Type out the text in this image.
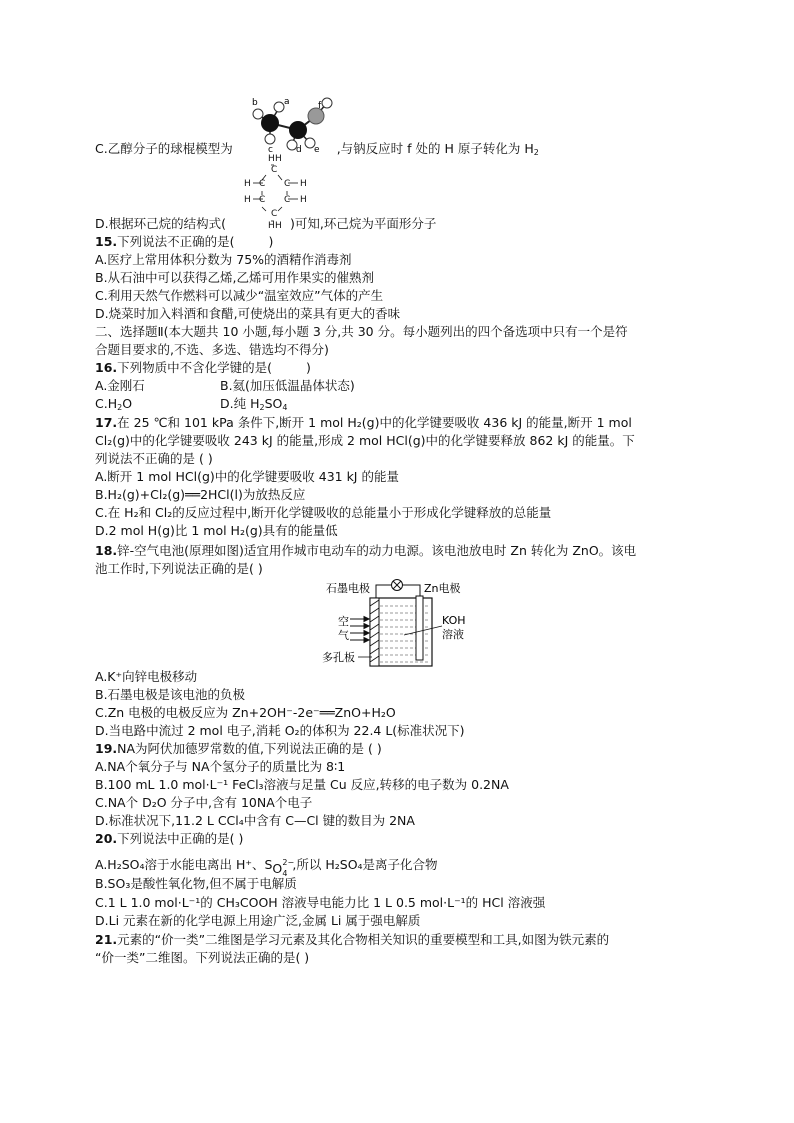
C.乙醇分子的球棍模型为	,与钠反应时 f 处的 H 原子转化为 $H_2$
a
b
c	d e
f
D.根据环己烷的结构式(	)可知,环己烷为平面形分子
H H
C
H C C H
H C C H
C
H H
15.下列说法不正确的是(	)
A.医疗上常用体积分数为 75%的酒精作消毒剂
B.从石油中可以获得乙烯,乙烯可用作果实的催熟剂
C.利用天然气作燃料可以减少“温室效应”气体的产生
D.烧菜时加入料酒和食醋,可使烧出的菜具有更大的香味
二、选择题Ⅱ(本大题共 10 小题,每小题 3 分,共 30 分。每小题列出的四个备选项中只有一个是符
合题目要求的,不选、多选、错选均不得分)
16.下列物质中不含化学键的是(	)
A.金刚石	B.氦(加压低温晶体状态)
$C.H_2O$	D.纯 $H_2SO_4$
17.在 25 ℃和 101 kPa 条件下,断开 1 mol H₂(g)中的化学键要吸收 436 kJ 的能量,断开 1 mol
Cl₂(g)中的化学键要吸收 243 kJ 的能量,形成 2 mol HCl(g)中的化学键要释放 862 kJ 的能量。下
列说法不正确的是 ( )
A.断开 1 mol HCl(g)中的化学键要吸收 431 kJ 的能量
B.H₂(g)+Cl₂(g)══2HCl(l)为放热反应
C.在 H₂和 Cl₂的反应过程中,断开化学键吸收的总能量小于形成化学键释放的总能量
D.2 mol H(g)比 1 mol H₂(g)具有的能量低
18.锌-空气电池(原理如图)适宜用作城市电动车的动力电源。该电池放电时 Zn 转化为 ZnO。该电
池工作时,下列说法正确的是( )
石墨电极	Zn电极
空
气
KOH
溶液
多孔板
A.K⁺向锌电极移动
B.石墨电极是该电池的负极
C.Zn 电极的电极反应为 Zn+2OH⁻-2e⁻══ZnO+H₂O
D.当电路中流过 2 mol 电子,消耗 O₂的体积为 22.4 L(标准状况下)
19.NA为阿伏加德罗常数的值,下列说法正确的是 ( )
A.NA个氧分子与 NA个氢分子的质量比为 8∶1
B.100 mL 1.0 mol·L⁻¹ FeCl₃溶液与足量 Cu 反应,转移的电子数为 0.2NA
C.NA个 D₂O 分子中,含有 10NA个电子
D.标准状况下,11.2 L CCl₄中含有 C—Cl 键的数目为 2NA
20.下列说法中正确的是( )
A.H₂SO₄溶于水能电离出 H⁺、S O 2−
4
,所以 H₂SO₄是离子化合物
B.SO₃是酸性氧化物,但不属于电解质
C.1 L 1.0 mol·L⁻¹的 CH₃COOH 溶液导电能力比 1 L 0.5 mol·L⁻¹的 HCl 溶液强
D.Li 元素在新的化学电源上用途广泛,金属 Li 属于强电解质
21.元素的“价一类”二维图是学习元素及其化合物相关知识的重要模型和工具,如图为铁元素的
“价一类”二维图。下列说法正确的是( )
